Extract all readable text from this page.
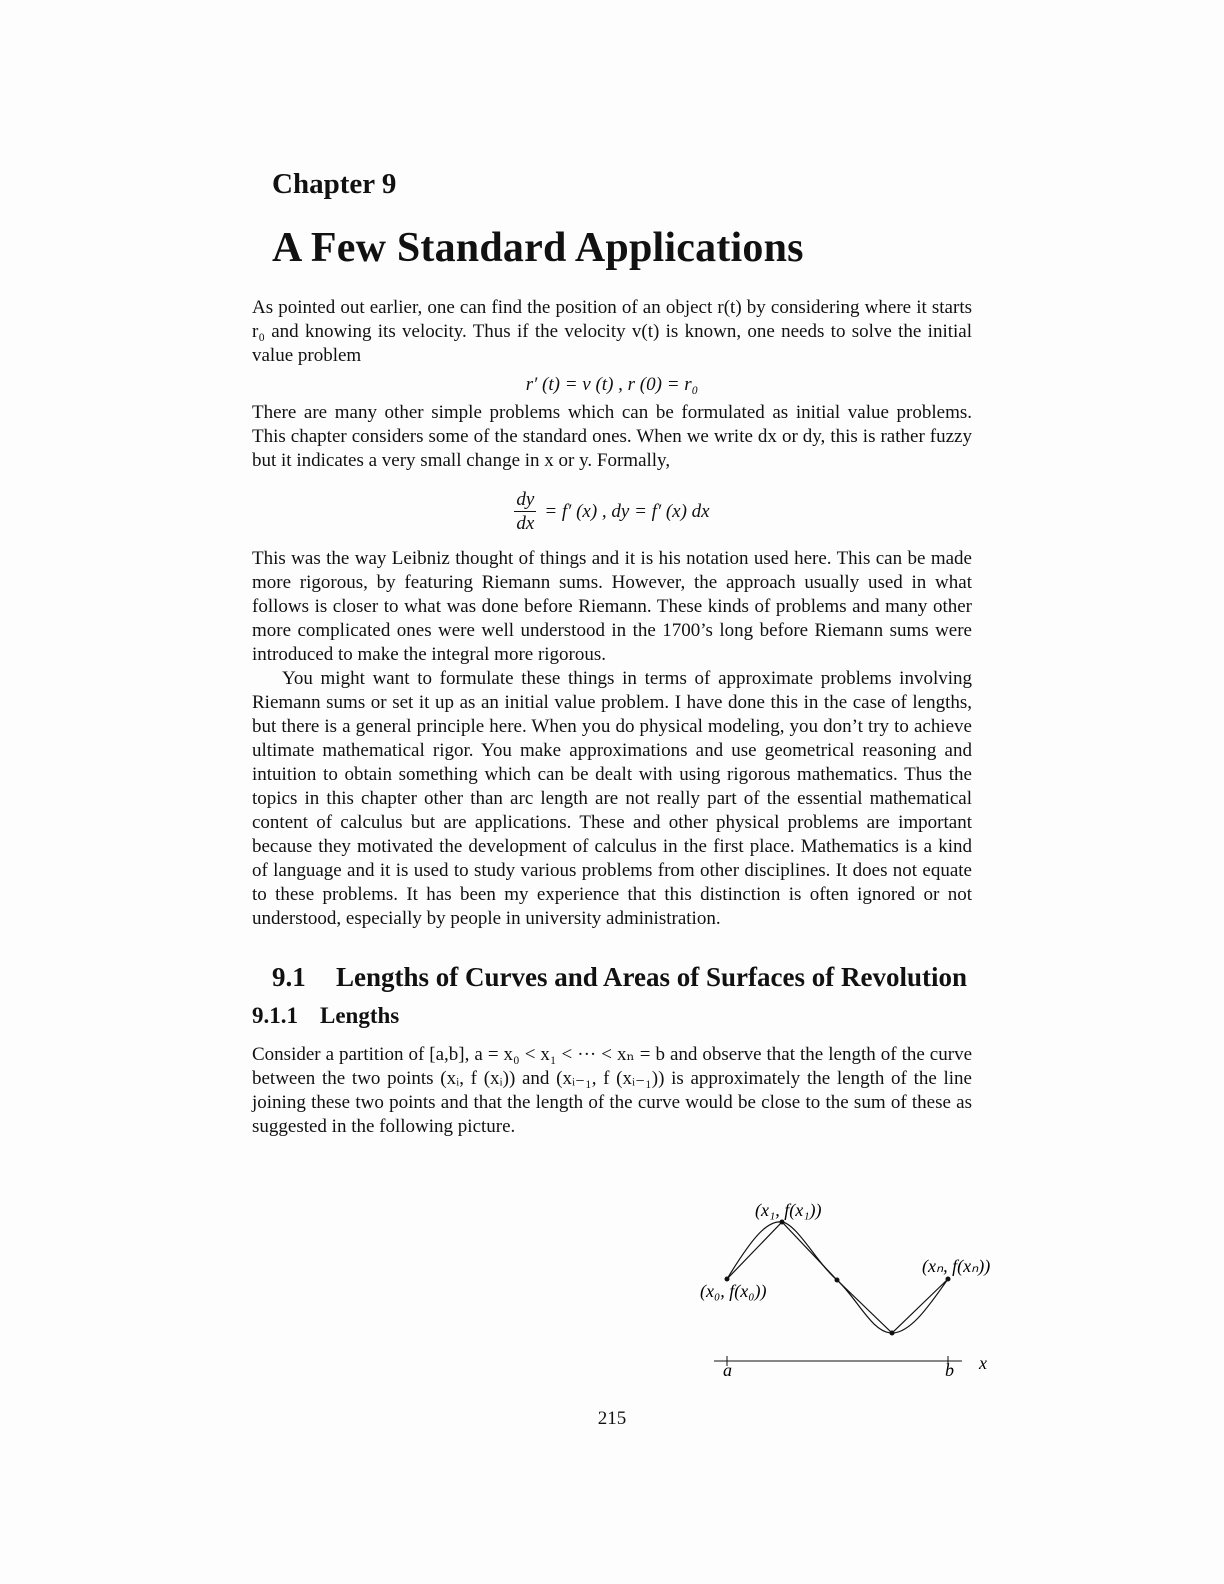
Chapter 9
A Few Standard Applications

As pointed out earlier, one can find the position of an object r(t) by considering where it starts r₀ and knowing its velocity. Thus if the velocity v(t) is known, one needs to solve the initial value problem

r′ (t) = v (t) , r (0) = r₀

There are many other simple problems which can be formulated as initial value problems. This chapter considers some of the standard ones. When we write dx or dy, this is rather fuzzy but it indicates a very small change in x or y. Formally,

$\frac{dy}{dx} = f'$ (x) , dy = f′ (x) dx

This was the way Leibniz thought of things and it is his notation used here. This can be made more rigorous, by featuring Riemann sums. However, the approach usually used in what follows is closer to what was done before Riemann. These kinds of problems and many other more complicated ones were well understood in the 1700’s long before Riemann sums were introduced to make the integral more rigorous.

You might want to formulate these things in terms of approximate problems involving Riemann sums or set it up as an initial value problem. I have done this in the case of lengths, but there is a general principle here. When you do physical modeling, you don’t try to achieve ultimate mathematical rigor. You make approximations and use geometrical reasoning and intuition to obtain something which can be dealt with using rigorous mathematics. Thus the topics in this chapter other than arc length are not really part of the essential mathematical content of calculus but are applications. These and other physical problems are important because they motivated the development of calculus in the first place. Mathematics is a kind of language and it is used to study various problems from other disciplines. It does not equate to these problems. It has been my experience that this distinction is often ignored or not understood, especially by people in university administration.

9.1 Lengths of Curves and Areas of Surfaces of Revolution
9.1.1 Lengths

Consider a partition of [a,b], a = x₀ < x₁ < ··· < xₙ = b and observe that the length of the curve between the two points (xᵢ, f (xᵢ)) and (xᵢ₋₁, f (xᵢ₋₁)) is approximately the length of the line joining these two points and that the length of the curve would be close to the sum of these as suggested in the following picture.

(x₁, f(x₁))
(x₀, f(x₀))
(xₙ, f(xₙ))
a	b x
215
